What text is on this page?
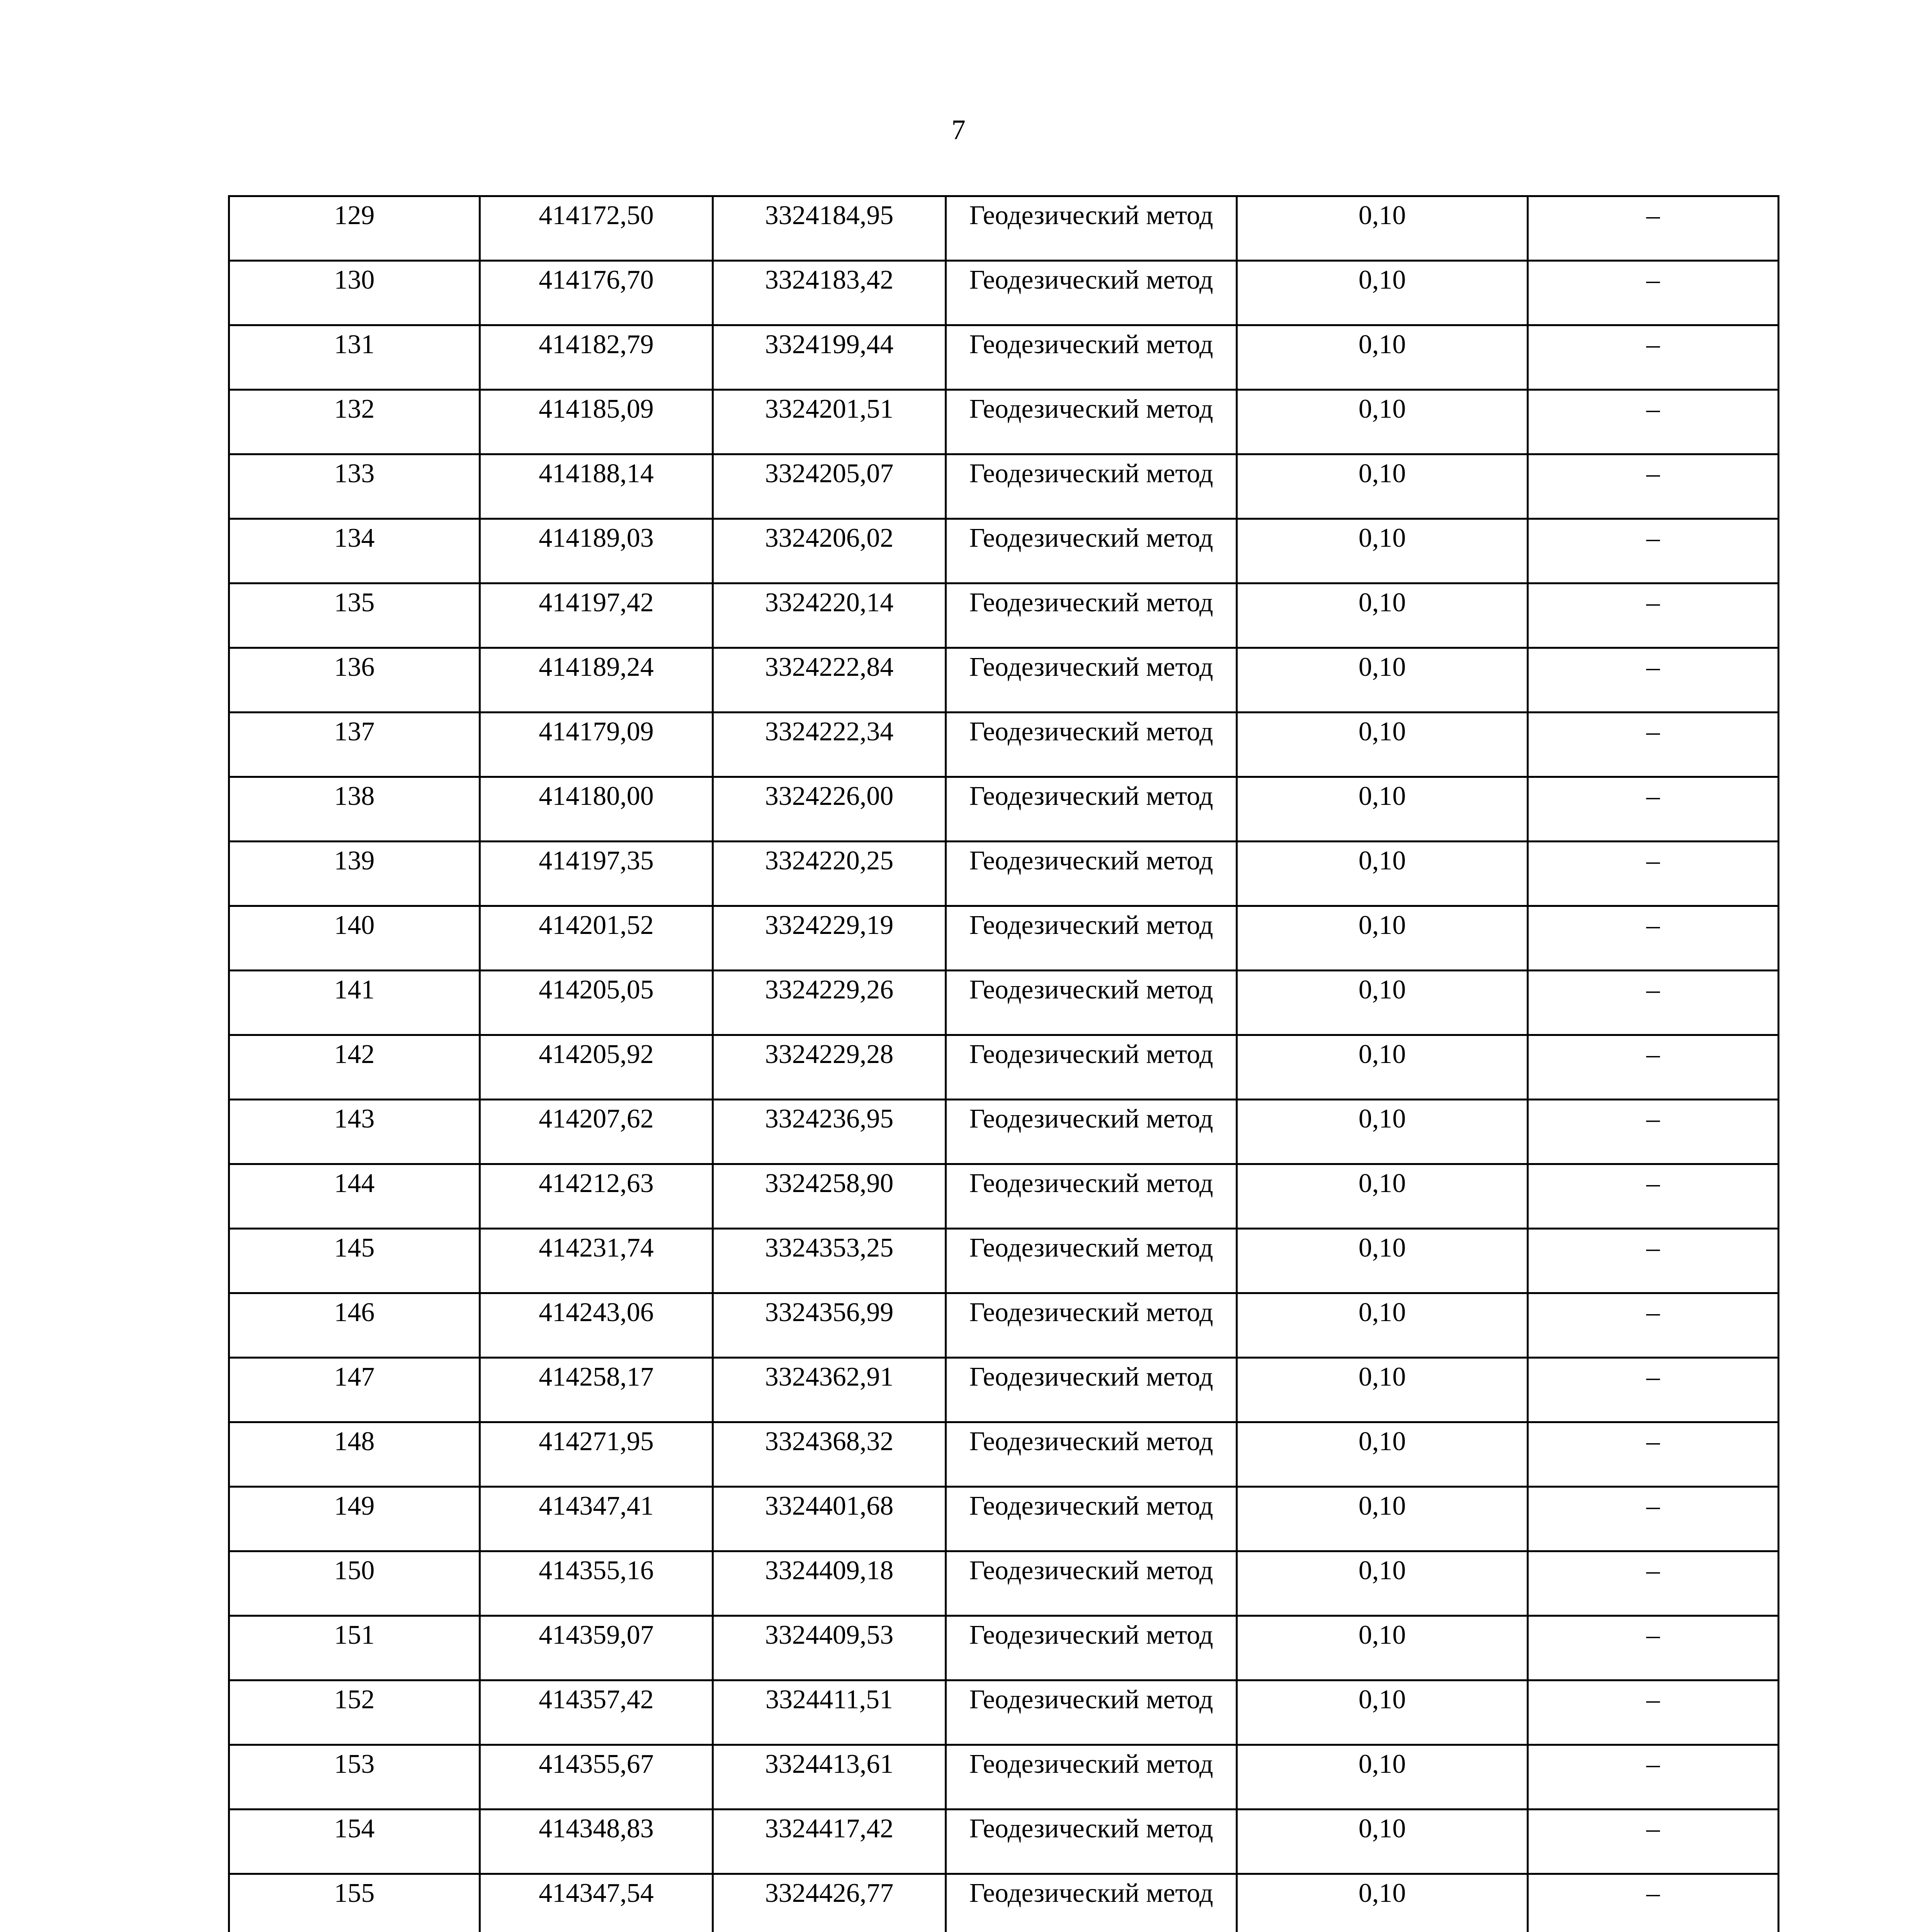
7
129	414172,50	3324184,95	Геодезический метод	0,10	–

130	414176,70	3324183,42	Геодезический метод	0,10	–

131	414182,79	3324199,44	Геодезический метод	0,10	–

132	414185,09	3324201,51	Геодезический метод	0,10	–

133	414188,14	3324205,07	Геодезический метод	0,10	–

134	414189,03	3324206,02	Геодезический метод	0,10	–

135	414197,42	3324220,14	Геодезический метод	0,10	–

136	414189,24	3324222,84	Геодезический метод	0,10	–

137	414179,09	3324222,34	Геодезический метод	0,10	–

138	414180,00	3324226,00	Геодезический метод	0,10	–

139	414197,35	3324220,25	Геодезический метод	0,10	–

140	414201,52	3324229,19	Геодезический метод	0,10	–

141	414205,05	3324229,26	Геодезический метод	0,10	–

142	414205,92	3324229,28	Геодезический метод	0,10	–

143	414207,62	3324236,95	Геодезический метод	0,10	–

144	414212,63	3324258,90	Геодезический метод	0,10	–

145	414231,74	3324353,25	Геодезический метод	0,10	–

146	414243,06	3324356,99	Геодезический метод	0,10	–

147	414258,17	3324362,91	Геодезический метод	0,10	–

148	414271,95	3324368,32	Геодезический метод	0,10	–

149	414347,41	3324401,68	Геодезический метод	0,10	–

150	414355,16	3324409,18	Геодезический метод	0,10	–

151	414359,07	3324409,53	Геодезический метод	0,10	–

152	414357,42	3324411,51	Геодезический метод	0,10	–

153	414355,67	3324413,61	Геодезический метод	0,10	–

154	414348,83	3324417,42	Геодезический метод	0,10	–

155	414347,54	3324426,77	Геодезический метод	0,10	–
